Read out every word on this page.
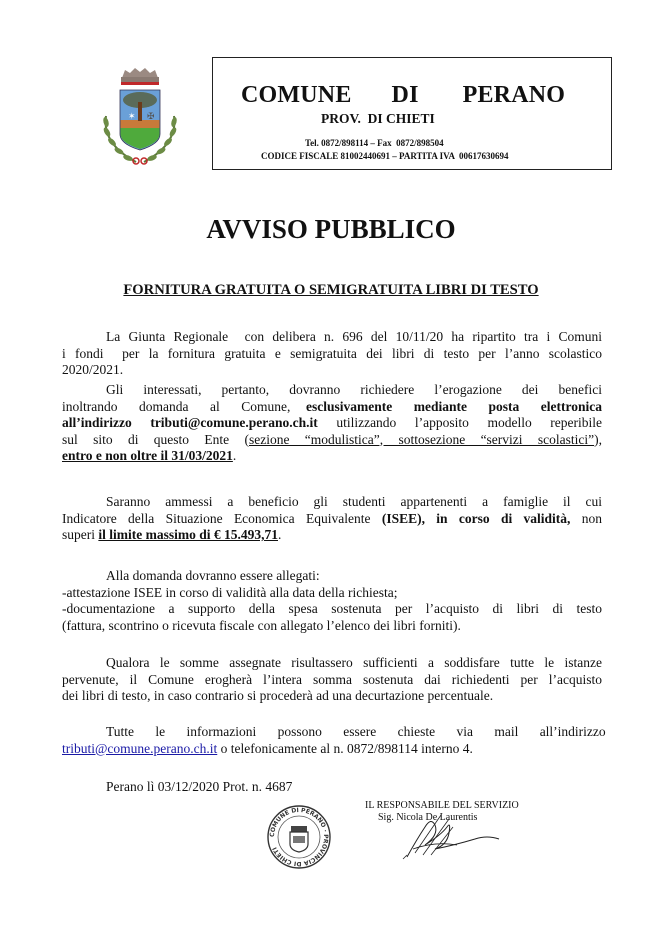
✶ ✠
COMUNE DI PERANO
PROV.  DI CHIETI
Tel. 0872/898114 – Fax  0872/898504
CODICE FISCALE 81002440691 – PARTITA IVA  00617630694
AVVISO PUBBLICO
FORNITURA GRATUITA O SEMIGRATUITA LIBRI DI TESTO
La Giunta Regionale  con delibera n. 696 del 10/11/20 ha ripartito tra i Comuni
i fondi  per la fornitura gratuita e semigratuita dei libri di testo per l’anno scolastico
2020/2021.
Gli interessati, pertanto, dovranno richiedere l’erogazione dei benefici
inoltrando domanda al Comune, esclusivamente mediante posta elettronica
all’indirizzo tributi@comune.perano.ch.it utilizzando l’apposito modello reperibile
sul sito di questo Ente (sezione “modulistica”, sottosezione “servizi scolastici”),
entro e non oltre il 31/03/2021.
Saranno ammessi a beneficio gli studenti appartenenti a famiglie il cui
Indicatore della Situazione Economica Equivalente (ISEE), in corso di validità, non
superi il limite massimo di € 15.493,71.
Alla domanda dovranno essere allegati:
-attestazione ISEE in corso di validità alla data della richiesta;
-documentazione a supporto della spesa sostenuta per l’acquisto di libri di testo
(fattura, scontrino o ricevuta fiscale con allegato l’elenco dei libri forniti).
Qualora le somme assegnate risultassero sufficienti a soddisfare tutte le istanze
pervenute, il Comune erogherà l’intera somma sostenuta dai richiedenti per l’acquisto
dei libri di testo, in caso contrario si procederà ad una decurtazione percentuale.
Tutte le informazioni possono essere chieste via mail all’indirizzo
tributi@comune.perano.ch.it o telefonicamente al n. 0872/898114 interno 4.
Perano lì 03/12/2020 Prot. n. 4687
COMUNE DI PERANO · PROVINCIA DI CHIETI
IL RESPONSABILE DEL SERVIZIO
Sig. Nicola De Laurentis
